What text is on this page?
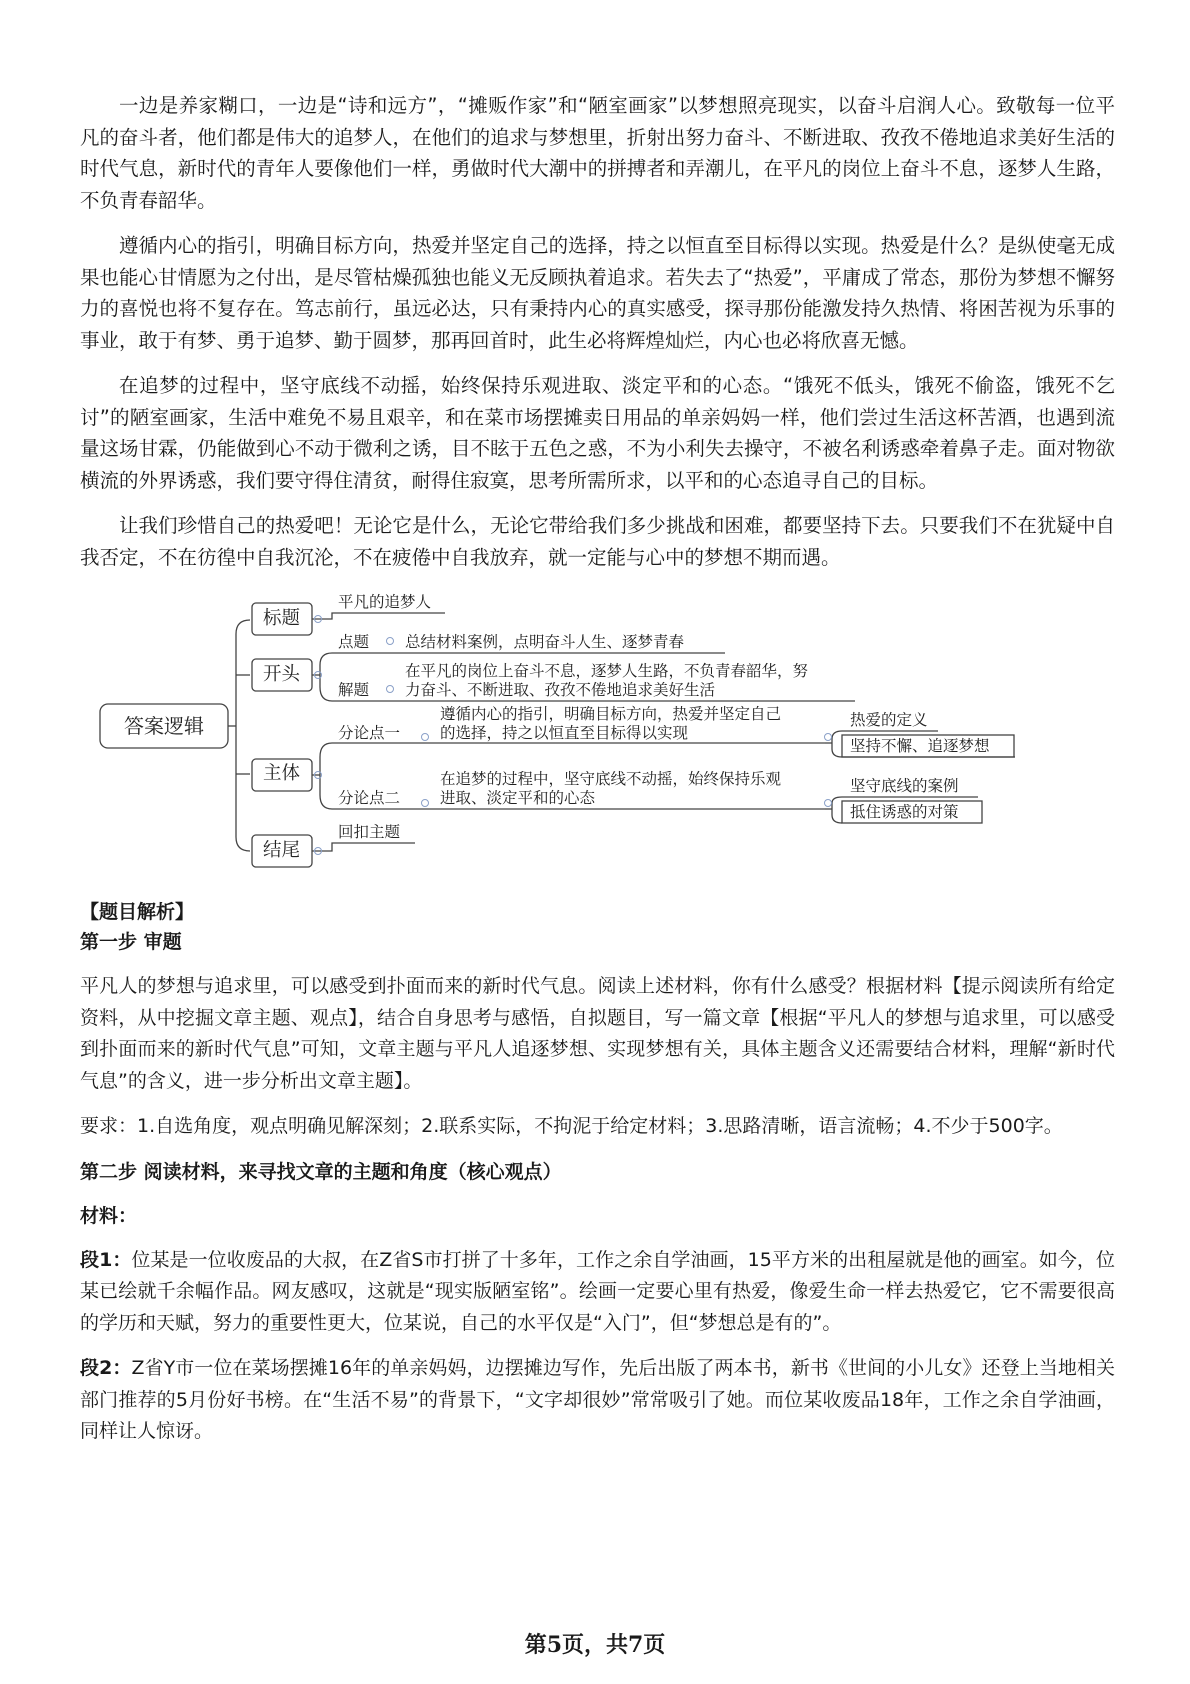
一边是养家糊口，一边是“诗和远方”，“摊贩作家”和“陋室画家”以梦想照亮现实，以奋斗启润人心。致敬每一位平凡的奋斗者，他们都是伟大的追梦人，在他们的追求与梦想里，折射出努力奋斗、不断进取、孜孜不倦地追求美好生活的时代气息，新时代的青年人要像他们一样，勇做时代大潮中的拼搏者和弄潮儿，在平凡的岗位上奋斗不息，逐梦人生路，不负青春韶华。

遵循内心的指引，明确目标方向，热爱并坚定自己的选择，持之以恒直至目标得以实现。热爱是什么？是纵使毫无成果也能心甘情愿为之付出，是尽管枯燥孤独也能义无反顾执着追求。若失去了“热爱”，平庸成了常态，那份为梦想不懈努力的喜悦也将不复存在。笃志前行，虽远必达，只有秉持内心的真实感受，探寻那份能激发持久热情、将困苦视为乐事的事业，敢于有梦、勇于追梦、勤于圆梦，那再回首时，此生必将辉煌灿烂，内心也必将欣喜无憾。

在追梦的过程中，坚守底线不动摇，始终保持乐观进取、淡定平和的心态。“饿死不低头，饿死不偷盗，饿死不乞讨”的陋室画家，生活中难免不易且艰辛，和在菜市场摆摊卖日用品的单亲妈妈一样，他们尝过生活这杯苦酒，也遇到流量这场甘霖，仍能做到心不动于微利之诱，目不眩于五色之惑，不为小利失去操守，不被名利诱惑牵着鼻子走。面对物欲横流的外界诱惑，我们要守得住清贫，耐得住寂寞，思考所需所求，以平和的心态追寻自己的目标。

让我们珍惜自己的热爱吧！无论它是什么，无论它带给我们多少挑战和困难，都要坚持下去。只要我们不在犹疑中自我否定，不在彷徨中自我沉沦，不在疲倦中自我放弃，就一定能与心中的梦想不期而遇。

答案逻辑
标题
平凡的追梦人
开头
点题 总结材料案例，点明奋斗人生、逐梦青春
解题
在平凡的岗位上奋斗不息，逐梦人生路，不负青春韶华，努
力奋斗、不断进取、孜孜不倦地追求美好生活
主体
分论点一
遵循内心的指引，明确目标方向，热爱并坚定自己
的选择，持之以恒直至目标得以实现
热爱的定义
坚持不懈、追逐梦想
分论点二
在追梦的过程中，坚守底线不动摇，始终保持乐观
进取、淡定平和的心态
坚守底线的案例
抵住诱惑的对策
结尾
回扣主题

【题目解析】

第一步 审题

平凡人的梦想与追求里，可以感受到扑面而来的新时代气息。阅读上述材料，你有什么感受？根据材料【提示阅读所有给定资料，从中挖掘文章主题、观点】，结合自身思考与感悟，自拟题目，写一篇文章【根据“平凡人的梦想与追求里，可以感受到扑面而来的新时代气息”可知，文章主题与平凡人追逐梦想、实现梦想有关，具体主题含义还需要结合材料，理解“新时代气息”的含义，进一步分析出文章主题】。

要求：1.自选角度，观点明确见解深刻；2.联系实际，不拘泥于给定材料；3.思路清晰，语言流畅；4.不少于500字。

第二步 阅读材料，来寻找文章的主题和角度（核心观点）

材料：

段1：位某是一位收废品的大叔，在Z省S市打拼了十多年，工作之余自学油画，15平方米的出租屋就是他的画室。如今，位某已绘就千余幅作品。网友感叹，这就是“现实版陋室铭”。绘画一定要心里有热爱，像爱生命一样去热爱它，它不需要很高的学历和天赋，努力的重要性更大，位某说，自己的水平仅是“入门”，但“梦想总是有的”。

段2：Z省Y市一位在菜场摆摊16年的单亲妈妈，边摆摊边写作，先后出版了两本书，新书《世间的小儿女》还登上当地相关部门推荐的5月份好书榜。在“生活不易”的背景下，“文字却很妙”常常吸引了她。而位某收废品18年，工作之余自学油画，同样让人惊讶。

第5页，共7页
